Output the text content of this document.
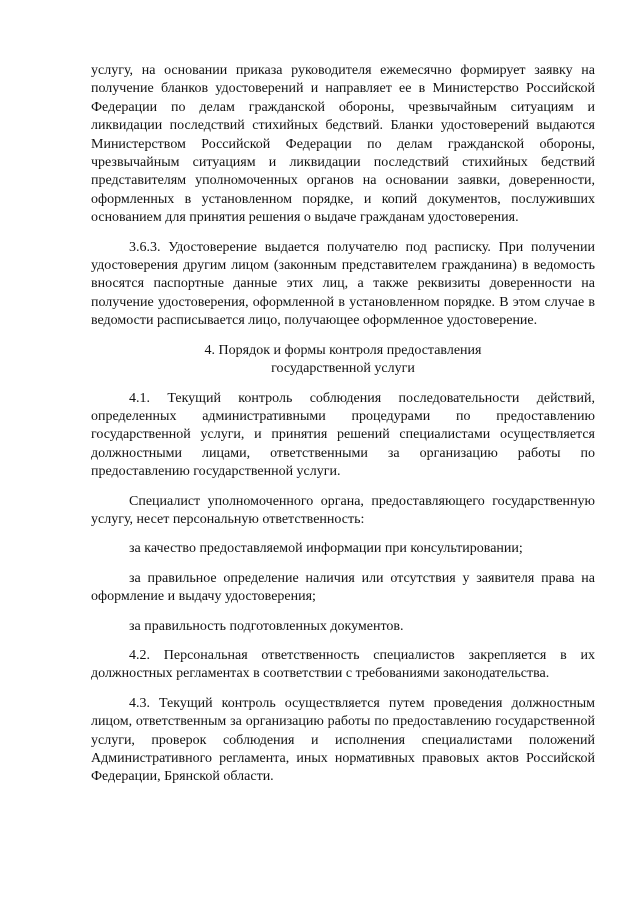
услугу, на основании приказа руководителя ежемесячно формирует заявку на получение бланков удостоверений и направляет ее в Министерство Российской Федерации по делам гражданской обороны, чрезвычайным ситуациям и ликвидации последствий стихийных бедствий. Бланки удостоверений выдаются Министерством Российской Федерации по делам гражданской обороны, чрезвычайным ситуациям и ликвидации последствий стихийных бедствий представителям уполномоченных органов на основании заявки, доверенности, оформленных в установленном порядке, и копий документов, послуживших основанием для принятия решения о выдаче гражданам удостоверения.

3.6.3. Удостоверение выдается получателю под расписку. При получении удостоверения другим лицом (законным представителем гражданина) в ведомость вносятся паспортные данные этих лиц, а также реквизиты доверенности на получение удостоверения, оформленной в установленном порядке. В этом случае в ведомости расписывается лицо, получающее оформленное удостоверение.

4. Порядок и формы контроля предоставления
государственной услуги

4.1. Текущий контроль соблюдения последовательности действий, определенных административными процедурами по предоставлению государственной услуги, и принятия решений специалистами осуществляется должностными лицами, ответственными за организацию работы по предоставлению государственной услуги.

Специалист уполномоченного органа, предоставляющего государственную услугу, несет персональную ответственность:

за качество предоставляемой информации при консультировании;

за правильное определение наличия или отсутствия у заявителя права на оформление и выдачу удостоверения;

за правильность подготовленных документов.

4.2. Персональная ответственность специалистов закрепляется в их должностных регламентах в соответствии с требованиями законодательства.

4.3. Текущий контроль осуществляется путем проведения должностным лицом, ответственным за организацию работы по предоставлению государственной услуги, проверок соблюдения и исполнения специалистами положений Административного регламента, иных нормативных правовых актов Российской Федерации, Брянской области.
